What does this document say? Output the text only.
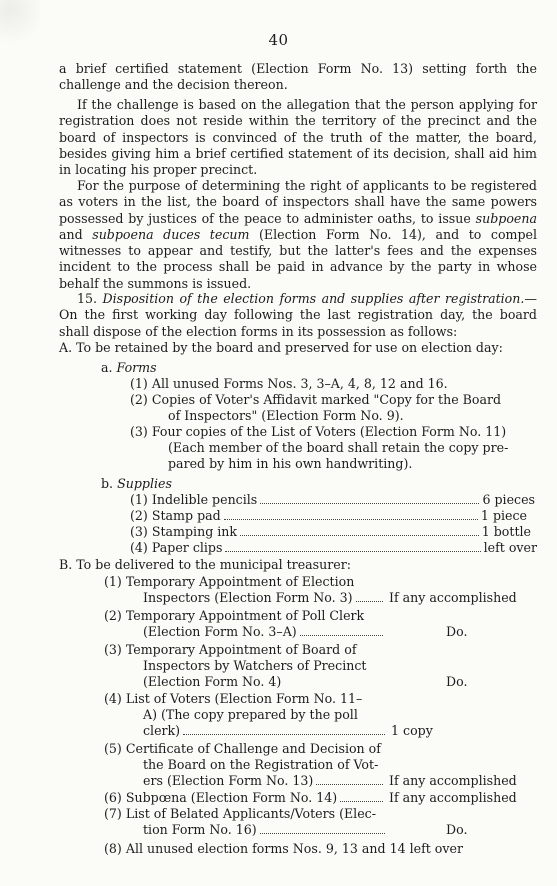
40
a brief certified statement (Election Form No. 13) setting forth the challenge and the decision thereon.
If the challenge is based on the allegation that the person applying for registration does not reside within the territory of the precinct and the board of inspectors is convinced of the truth of the matter, the board, besides giving him a brief certified statement of its decision, shall aid him in locating his proper precinct.
For the purpose of determining the right of applicants to be registered as voters in the list, the board of inspectors shall have the same powers possessed by justices of the peace to administer oaths, to issue subpoena and subpoena duces tecum (Election Form No. 14), and to compel witnesses to appear and testify, but the latter's fees and the expenses incident to the process shall be paid in advance by the party in whose behalf the summons is issued.
15. Disposition of the election forms and supplies after registration.—On the first working day following the last registration day, the board shall dispose of the election forms in its possession as follows:
A. To be retained by the board and preserved for use on election day:
a. Forms
(1) All unused Forms Nos. 3, 3–A, 4, 8, 12 and 16.
(2) Copies of Voter's Affidavit marked "Copy for the Board
of Inspectors" (Election Form No. 9).
(3) Four copies of the List of Voters (Election Form No. 11)
(Each member of the board shall retain the copy pre-
pared by him in his own handwriting).
b. Supplies
(1) Indelible pencils	6 pieces
(2) Stamp pad	1 piece
(3) Stamping ink	1 bottle
(4) Paper clips	left over
B. To be delivered to the municipal treasurer:
(1) Temporary Appointment of Election
Inspectors (Election Form No. 3)	If any accomplished
(2) Temporary Appointment of Poll Clerk
(Election Form No. 3–A)	Do.
(3) Temporary Appointment of Board of
Inspectors by Watchers of Precinct
(Election Form No. 4)	Do.
(4) List of Voters (Election Form No. 11–
A) (The copy prepared by the poll
clerk)	1 copy
(5) Certificate of Challenge and Decision of
the Board on the Registration of Vot-
ers (Election Form No. 13)	If any accomplished
(6) Subpœna (Election Form No. 14)	If any accomplished
(7) List of Belated Applicants/Voters (Elec-
tion Form No. 16)	Do.
(8) All unused election forms Nos. 9, 13 and 14 left over
